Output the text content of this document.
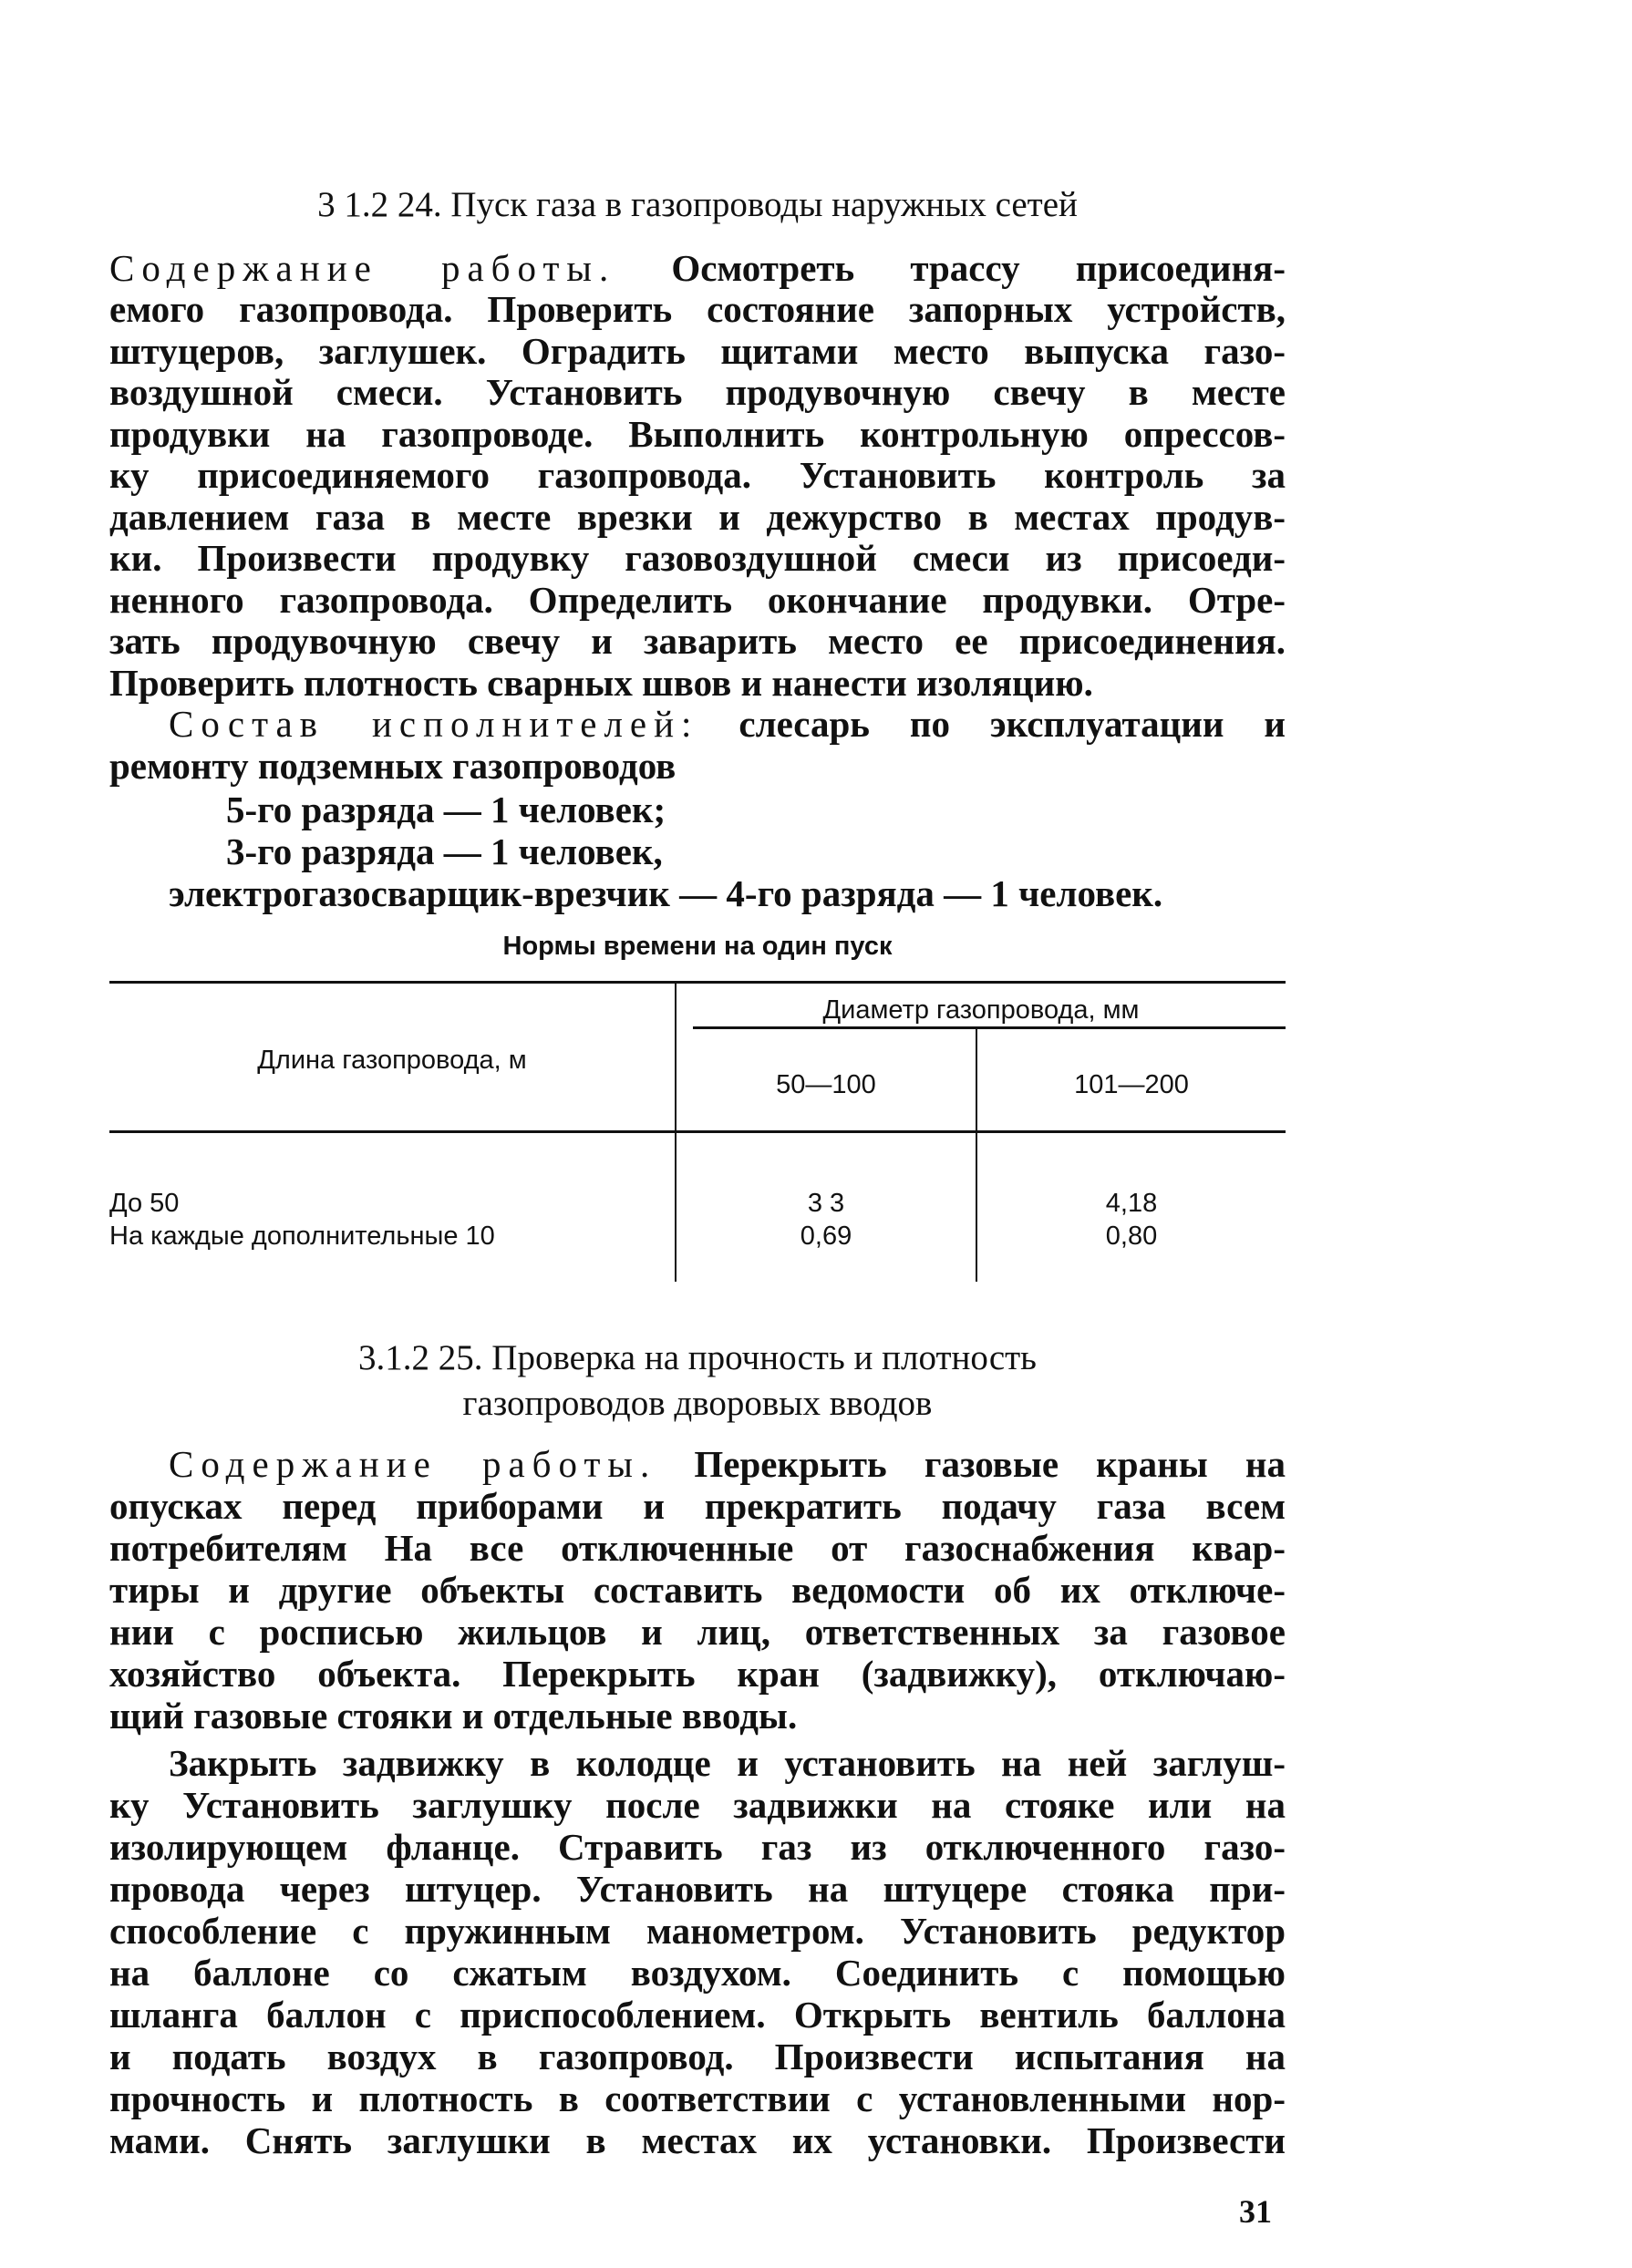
3 1.2 24. Пуск газа в газопроводы наружных сетей
Содержание работы. Осмотреть трассу присоединя-
емого газопровода. Проверить состояние запорных устройств,
штуцеров, заглушек. Оградить щитами место выпуска газо-
воздушной смеси. Установить продувочную свечу в месте
продувки на газопроводе. Выполнить контрольную опрессов-
ку присоединяемого газопровода. Установить контроль за
давлением газа в месте врезки и дежурство в местах продув-
ки. Произвести продувку газовоздушной смеси из присоеди-
ненного газопровода. Определить окончание продувки. Отре-
зать продувочную свечу и заварить место ее присоединения.
Проверить плотность сварных швов и нанести изоляцию.
Состав исполнителей: слесарь по эксплуатации и
ремонту подземных газопроводов
5-го разряда — 1 человек;
3-го разряда — 1 человек,
электрогазосварщик-врезчик — 4-го разряда — 1 человек.
Нормы времени на один пуск
Длина газопровода, м
Диаметр газопровода, мм
50—100	101—200
До 50	3 3	4,18
На каждые дополнительные 10	0,69	0,80
3.1.2 25. Проверка на прочность и плотность
газопроводов дворовых вводов
Содержание работы. Перекрыть газовые краны на
опусках перед приборами и прекратить подачу газа всем
потребителям На все отключенные от газоснабжения квар-
тиры и другие объекты составить ведомости об их отключе-
нии с росписью жильцов и лиц, ответственных за газовое
хозяйство объекта. Перекрыть кран (задвижку), отключаю-
щий газовые стояки и отдельные вводы.
Закрыть задвижку в колодце и установить на ней заглуш-
ку Установить заглушку после задвижки на стояке или на
изолирующем фланце. Стравить газ из отключенного газо-
провода через штуцер. Установить на штуцере стояка при-
способление с пружинным манометром. Установить редуктор
на баллоне со сжатым воздухом. Соединить с помощью
шланга баллон с приспособлением. Открыть вентиль баллона
и подать воздух в газопровод. Произвести испытания на
прочность и плотность в соответствии с установленными нор-
мами. Снять заглушки в местах их установки. Произвести
31
